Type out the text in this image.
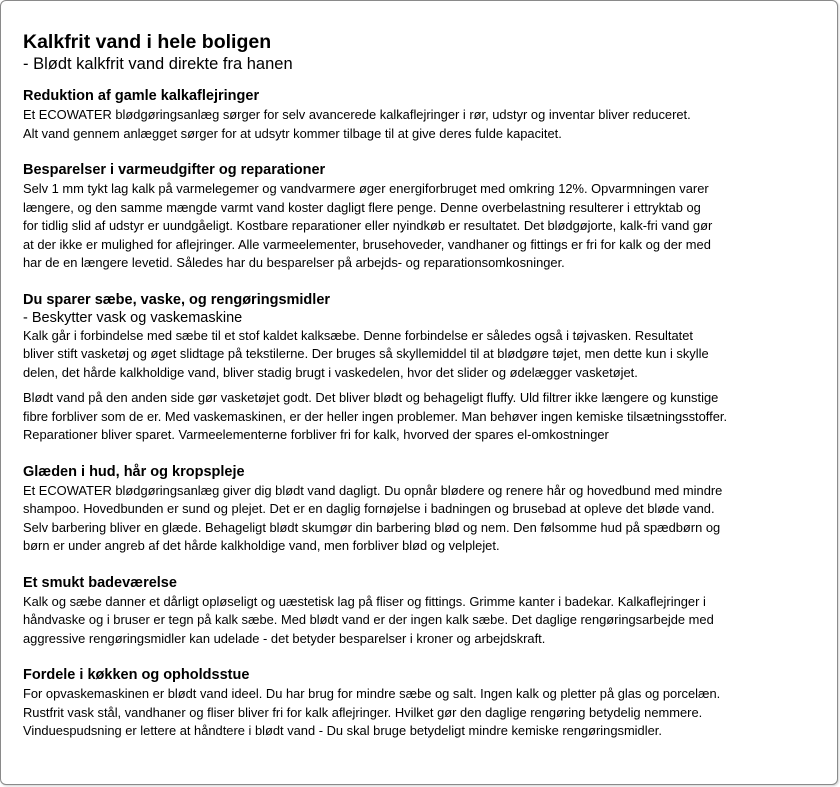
Kalkfrit vand i hele boligen
- Blødt kalkfrit vand direkte fra hanen
Reduktion af gamle kalkaflejringer
Et ECOWATER blødgøringsanlæg sørger for selv avancerede kalkaflejringer i rør, udstyr og inventar bliver reduceret.
Alt vand gennem anlægget sørger for at udsytr kommer tilbage til at give deres fulde kapacitet.
Besparelser i varmeudgifter og reparationer
Selv 1 mm tykt lag kalk på varmelegemer og vandvarmere øger energiforbruget med omkring 12%. Opvarmningen varer
længere, og den samme mængde varmt vand koster dagligt flere penge. Denne overbelastning resulterer i ettryktab og
for tidlig slid af udstyr er uundgåeligt. Kostbare reparationer eller nyindkøb er resultatet. Det blødgøjorte, kalk-fri vand gør
at der ikke er mulighed for aflejringer. Alle varmeelementer, brusehoveder, vandhaner og fittings er fri for kalk og der med
har de en længere levetid. Således har du besparelser på arbejds- og reparationsomkosninger.
Du sparer sæbe, vaske, og rengøringsmidler
- Beskytter vask og vaskemaskine
Kalk går i forbindelse med sæbe til et stof kaldet kalksæbe. Denne forbindelse er således også i tøjvasken. Resultatet
bliver stift vasketøj og øget slidtage på tekstilerne. Der bruges så skyllemiddel til at blødgøre tøjet, men dette kun i skylle
delen, det hårde kalkholdige vand, bliver stadig brugt i vaskedelen, hvor det slider og ødelægger vasketøjet.
Blødt vand på den anden side gør vasketøjet godt. Det bliver blødt og behageligt fluffy. Uld filtrer ikke længere og kunstige
fibre forbliver som de er. Med vaskemaskinen, er der heller ingen problemer. Man behøver ingen kemiske tilsætningsstoffer.
Reparationer bliver sparet. Varmeelementerne forbliver fri for kalk, hvorved der spares el-omkostninger
Glæden i hud, hår og kropspleje
Et ECOWATER blødgøringsanlæg giver dig blødt vand dagligt. Du opnår blødere og renere hår og hovedbund med mindre
shampoo. Hovedbunden er sund og plejet. Det er en daglig fornøjelse i badningen og brusebad at opleve det bløde vand.
Selv barbering bliver en glæde. Behageligt blødt skumgør din barbering blød og nem. Den følsomme hud på spædbørn og
børn er under angreb af det hårde kalkholdige vand, men forbliver blød og velplejet.
Et smukt badeværelse
Kalk og sæbe danner et dårligt opløseligt og uæstetisk lag på fliser og fittings. Grimme kanter i badekar. Kalkaflejringer i
håndvaske og i bruser er tegn på kalk sæbe. Med blødt vand er der ingen kalk sæbe. Det daglige rengøringsarbejde med
aggressive rengøringsmidler kan udelade - det betyder besparelser i kroner og arbejdskraft.
Fordele i køkken og opholdsstue
For opvaskemaskinen er blødt vand ideel. Du har brug for mindre sæbe og salt. Ingen kalk og pletter på glas og porcelæn.
Rustfrit vask stål, vandhaner og fliser bliver fri for kalk aflejringer. Hvilket gør den daglige rengøring betydelig nemmere.
Vinduespudsning er lettere at håndtere i blødt vand - Du skal bruge betydeligt mindre kemiske rengøringsmidler.
